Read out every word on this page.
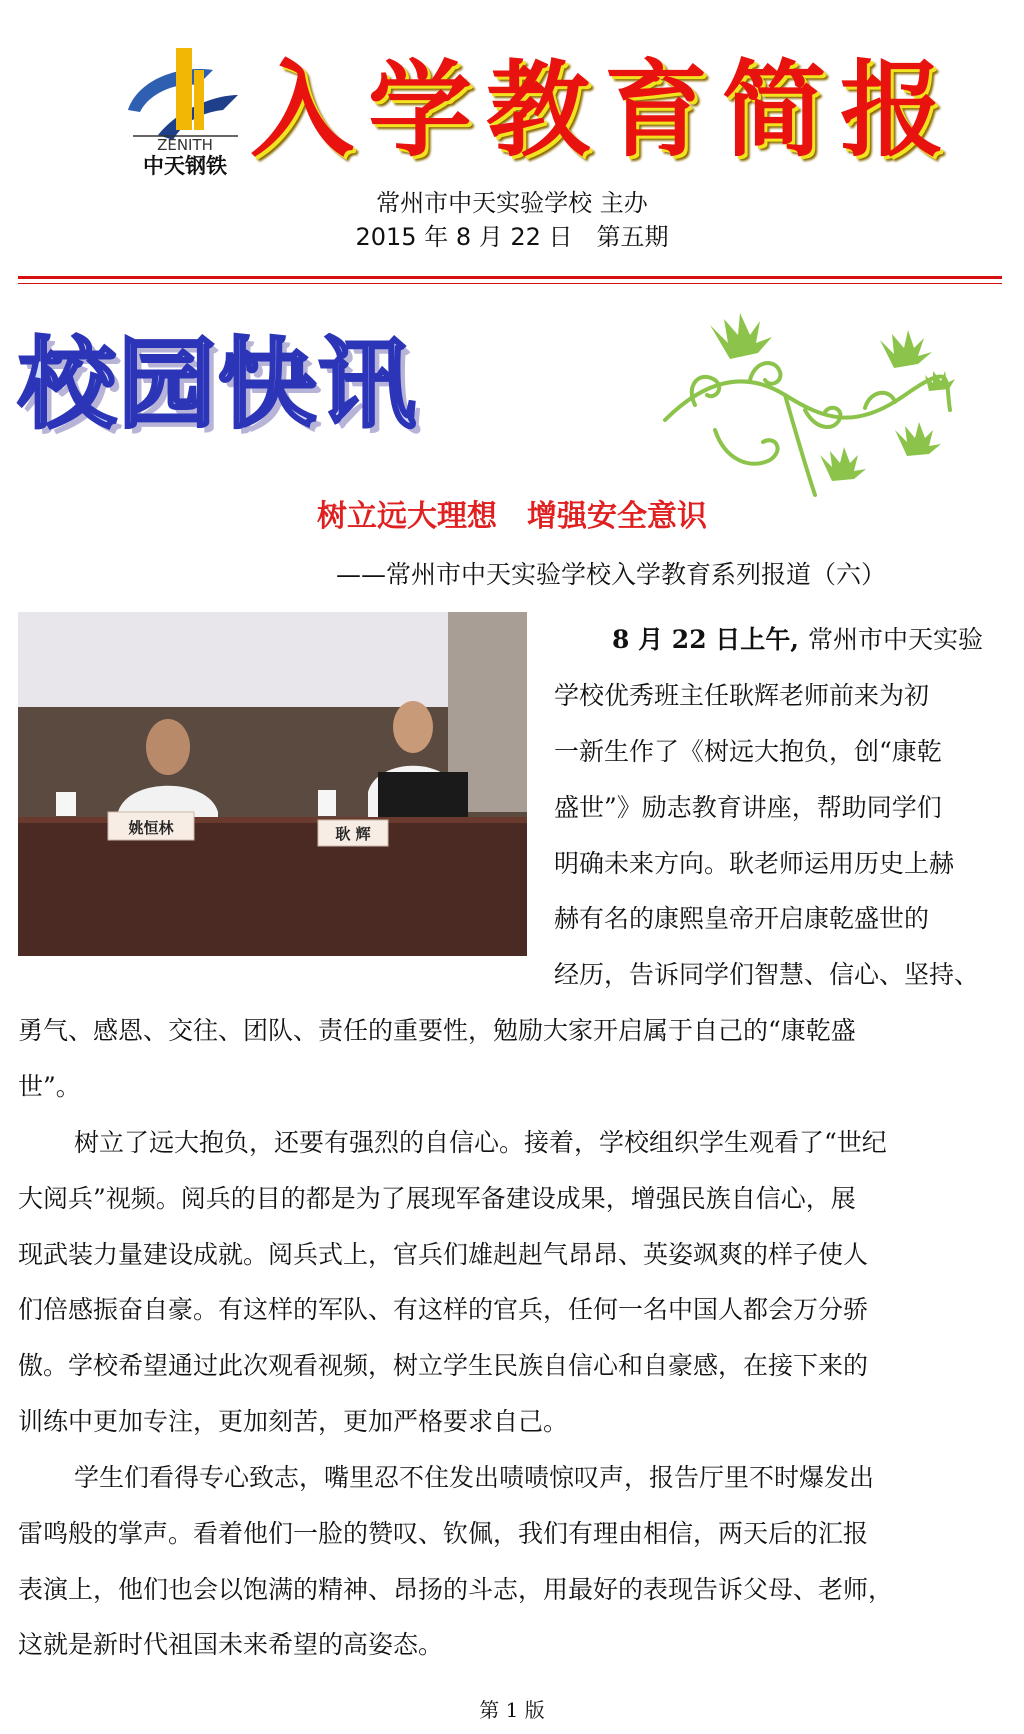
ZENITH
中天钢铁 入学教育简报
常州市中天实验学校 主办
2015 年 8 月 22 日　第五期
校园快讯
树立远大理想　增强安全意识
——常州市中天实验学校入学教育系列报道（六）
姚恒林	耿 辉
8 月 22 日上午, 常州市中天实验
学校优秀班主任耿辉老师前来为初
一新生作了《树远大抱负，创“康乾
盛世”》励志教育讲座，帮助同学们
明确未来方向。耿老师运用历史上赫
赫有名的康熙皇帝开启康乾盛世的
经历，告诉同学们智慧、信心、坚持、
勇气、感恩、交往、团队、责任的重要性，勉励大家开启属于自己的“康乾盛
世”。
树立了远大抱负，还要有强烈的自信心。接着，学校组织学生观看了“世纪
大阅兵”视频。阅兵的目的都是为了展现军备建设成果，增强民族自信心，展
现武装力量建设成就。阅兵式上，官兵们雄赳赳气昂昂、英姿飒爽的样子使人
们倍感振奋自豪。有这样的军队、有这样的官兵，任何一名中国人都会万分骄
傲。学校希望通过此次观看视频，树立学生民族自信心和自豪感，在接下来的
训练中更加专注，更加刻苦，更加严格要求自己。
学生们看得专心致志，嘴里忍不住发出啧啧惊叹声，报告厅里不时爆发出
雷鸣般的掌声。看着他们一脸的赞叹、钦佩，我们有理由相信，两天后的汇报
表演上，他们也会以饱满的精神、昂扬的斗志，用最好的表现告诉父母、老师，
这就是新时代祖国未来希望的高姿态。
第 1 版
